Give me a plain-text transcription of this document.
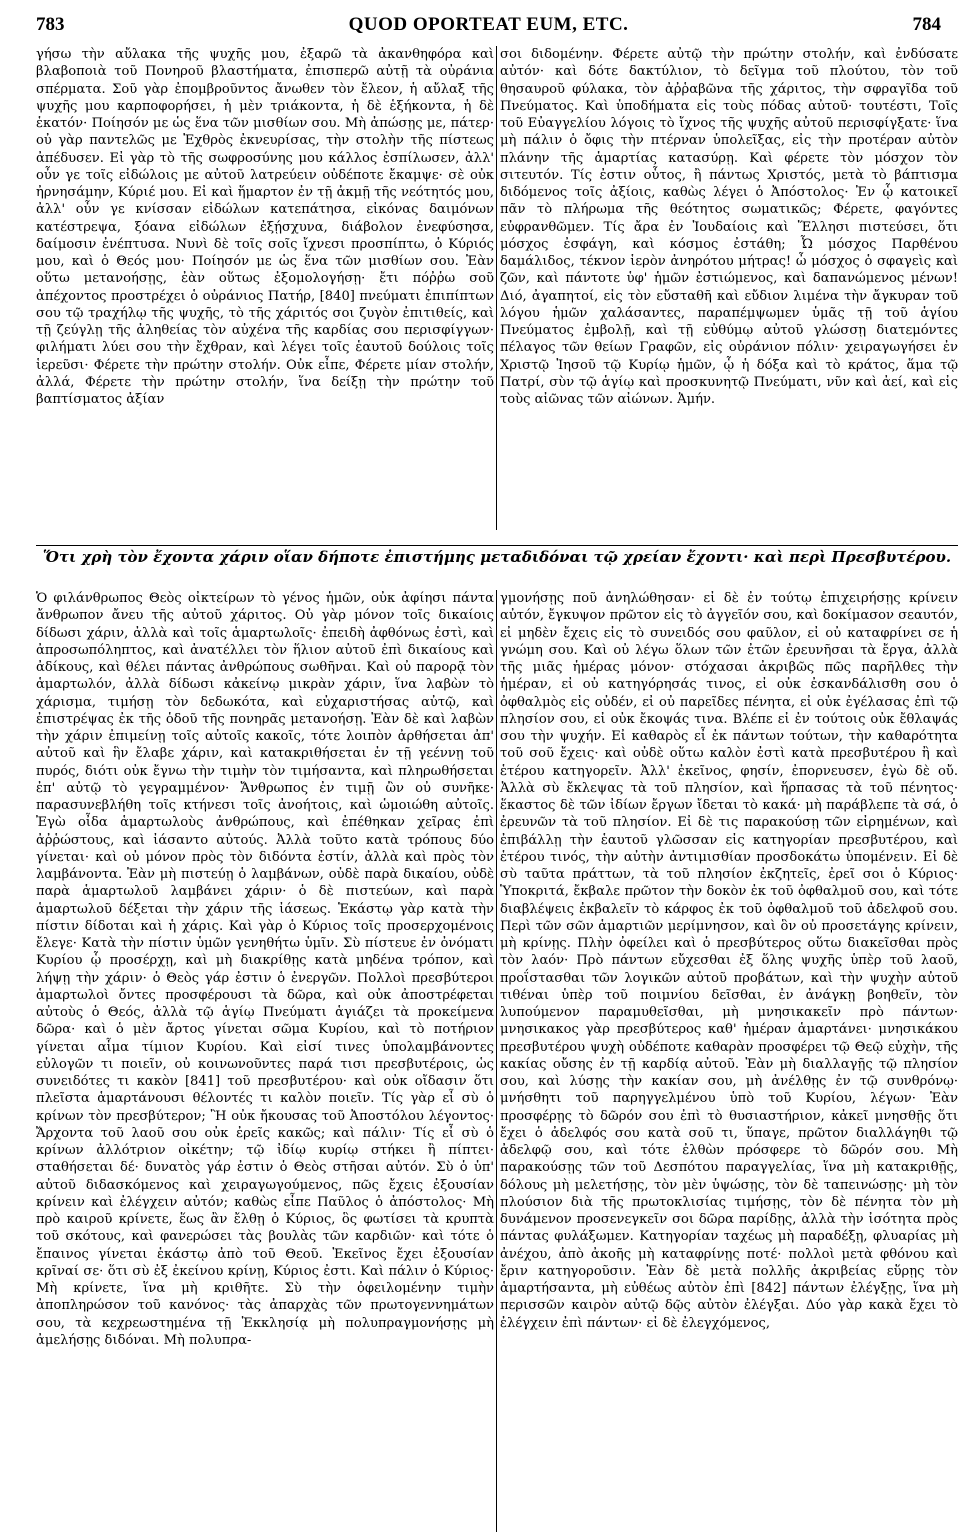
783	QUOD OPORTEAT EUM, ETC.	784

γήσω τὴν αὔλακα τῆς ψυχῆς μου, ἐξαρῶ τὰ ἀκανθηφόρα καὶ βλαβοποιὰ τοῦ Πονηροῦ βλαστήματα, ἐπισπερῶ αὐτῇ τὰ οὐράνια σπέρματα. Σοῦ γὰρ ἐπομβροῦντος ἄνωθεν τὸν ἔλεον, ἡ αὔλαξ τῆς ψυχῆς μου καρποφορήσει, ἡ μὲν τριάκοντα, ἡ δὲ ἑξήκοντα, ἡ δὲ ἑκατόν· Ποίησόν με ὡς ἕνα τῶν μισθίων σου. Μὴ ἀπώσῃς με, πάτερ· οὐ γὰρ παντελῶς με Ἐχθρὸς ἐκνευρίσας, τὴν στολὴν τῆς πίστεως ἀπέδυσεν. Εἰ γὰρ τὸ τῆς σωφροσύνης μου κάλλος ἐσπίλωσεν, ἀλλ' οὖν γε τοῖς εἰδώλοις με αὐτοῦ λατρεύειν οὐδέποτε ἔκαμψε· σὲ οὐκ ἠρνησάμην, Κύριέ μου. Εἰ καὶ ἥμαρτον ἐν τῇ ἀκμῇ τῆς νεότητός μου, ἀλλ' οὖν γε κνίσσαν εἰδώλων κατεπάτησα, εἰκόνας δαιμόνων κατέστρεψα, ξόανα εἰδώλων ἐξῄσχυνα, διάβολον ἐνεφύσησα, δαίμοσιν ἐνέπτυσα. Νυνὶ δὲ τοῖς σοῖς ἴχνεσι προσπίπτω, ὁ Κύριός μου, καὶ ὁ Θεός μου· Ποίησόν με ὡς ἕνα τῶν μισθίων σου. Ἐὰν οὕτω μετανοήσῃς, ἐὰν οὕτως ἐξομολογήσῃ· ἔτι πόῤῥω σοῦ ἀπέχοντος προστρέχει ὁ οὐράνιος Πατήρ, [840] πνεύματι ἐπιπίπτων σου τῷ τραχήλῳ τῆς ψυχῆς, τὸ τῆς χάριτός σοι ζυγὸν ἐπιτιθείς, καὶ τῇ ζεύγλῃ τῆς ἀληθείας τὸν αὐχένα τῆς καρδίας σου περισφίγγων· φιλήματι λύει σου τὴν ἔχθραν, καὶ λέγει τοῖς ἑαυτοῦ δούλοις τοῖς ἱερεῦσι· Φέρετε τὴν πρώτην στολήν. Οὐκ εἶπε, Φέρετε μίαν στολήν, ἀλλά, Φέρετε τὴν πρώτην στολήν, ἵνα δείξῃ τὴν πρώτην τοῦ βαπτίσματος ἀξίαν

σοι διδομένην. Φέρετε αὐτῷ τὴν πρώτην στολήν, καὶ ἐνδύσατε αὐτόν· καὶ δότε δακτύλιον, τὸ δεῖγμα τοῦ πλούτου, τὸν τοῦ θησαυροῦ φύλακα, τὸν ἀῤῥαβῶνα τῆς χάριτος, τὴν σφραγῖδα τοῦ Πνεύματος. Καὶ ὑποδήματα εἰς τοὺς πόδας αὐτοῦ· τουτέστι, Τοῖς τοῦ Εὐαγγελίου λόγοις τὸ ἴχνος τῆς ψυχῆς αὐτοῦ περισφίγξατε· ἵνα μὴ πάλιν ὁ ὄφις τὴν πτέρναν ὑπολεῖξας, εἰς τὴν προτέραν αὐτὸν πλάνην τῆς ἁμαρτίας κατασύρῃ. Καὶ φέρετε τὸν μόσχον τὸν σιτευτόν. Τίς ἐστιν οὗτος, ἢ πάντως Χριστός, μετὰ τὸ βάπτισμα διδόμενος τοῖς ἀξίοις, καθὼς λέγει ὁ Ἀπόστολος· Ἐν ᾧ κατοικεῖ πᾶν τὸ πλήρωμα τῆς θεότητος σωματικῶς; Φέρετε, φαγόντες εὐφρανθῶμεν. Τίς ἄρα ἐν Ἰουδαίοις καὶ Ἕλλησι πιστεύσει, ὅτι μόσχος ἐσφάγη, καὶ κόσμος ἐστάθη; Ὦ μόσχος Παρθένου δαμάλιδος, τέκνον ἱερὸν ἀνηρότου μήτρας! ὦ μόσχος ὁ σφαγεὶς καὶ ζῶν, καὶ πάντοτε ὑφ' ἡμῶν ἐστιώμενος, καὶ δαπανώμενος μένων! Διό, ἀγαπητοί, εἰς τὸν εὔσταθῆ καὶ εὔδιον λιμένα τὴν ἄγκυραν τοῦ λόγου ἡμῶν χαλάσαντες, παραπέμψωμεν ὑμᾶς τῇ τοῦ ἁγίου Πνεύματος ἐμβολῇ, καὶ τῇ εὐθύμῳ αὐτοῦ γλώσσῃ διατεμόντες πέλαγος τῶν θείων Γραφῶν, εἰς οὐράνιον πόλιν· χειραγωγήσει ἐν Χριστῷ Ἰησοῦ τῷ Κυρίῳ ἡμῶν, ᾧ ἡ δόξα καὶ τὸ κράτος, ἅμα τῷ Πατρί, σὺν τῷ ἁγίῳ καὶ προσκυνητῷ Πνεύματι, νῦν καὶ ἀεί, καὶ εἰς τοὺς αἰῶνας τῶν αἰώνων. Ἀμήν.

Ὅτι χρὴ τὸν ἔχοντα χάριν οἵαν δήποτε ἐπιστήμης μεταδιδόναι τῷ χρείαν ἔχοντι· καὶ περὶ Πρεσβυτέρου.

Ὁ φιλάνθρωπος Θεὸς οἰκτείρων τὸ γένος ἡμῶν, οὐκ ἀφίησι πάντα ἄνθρωπον ἄνευ τῆς αὐτοῦ χάριτος. Οὐ γὰρ μόνον τοῖς δικαίοις δίδωσι χάριν, ἀλλὰ καὶ τοῖς ἁμαρτωλοῖς· ἐπειδὴ ἀφθόνως ἐστὶ, καὶ ἀπροσωπόληπτος, καὶ ἀνατέλλει τὸν ἥλιον αὐτοῦ ἐπὶ δικαίους καὶ ἀδίκους, καὶ θέλει πάντας ἀνθρώπους σωθῆναι. Καὶ οὐ παρορᾷ τὸν ἁμαρτωλόν, ἀλλὰ δίδωσι κἀκείνῳ μικρὰν χάριν, ἵνα λαβὼν τὸ χάρισμα, τιμήσῃ τὸν δεδωκότα, καὶ εὐχαριστήσας αὐτῷ, καὶ ἐπιστρέψας ἐκ τῆς ὁδοῦ τῆς πονηρᾶς μετανοήσῃ. Ἐὰν δὲ καὶ λαβὼν τὴν χάριν ἐπιμείνῃ τοῖς αὐτοῖς κακοῖς, τότε λοιπὸν ἀρθήσεται ἀπ' αὐτοῦ καὶ ἣν ἔλαβε χάριν, καὶ κατακριθήσεται ἐν τῇ γεέννῃ τοῦ πυρός, διότι οὐκ ἔγνω τὴν τιμὴν τὸν τιμήσαντα, καὶ πληρωθήσεται ἐπ' αὐτῷ τὸ γεγραμμένον· Ἄνθρωπος ἐν τιμῇ ὢν οὐ συνῆκε· παρασυνεβλήθη τοῖς κτήνεσι τοῖς ἀνοήτοις, καὶ ὡμοιώθη αὐτοῖς. Ἐγὼ οἶδα ἁμαρτωλοὺς ἀνθρώπους, καὶ ἐπέθηκαν χεῖρας ἐπὶ ἀῤῥώστους, καὶ ἰάσαντο αὐτούς. Ἀλλὰ τοῦτο κατὰ τρόπους δύο γίνεται· καὶ οὐ μόνον πρὸς τὸν διδόντα ἐστίν, ἀλλὰ καὶ πρὸς τὸν λαμβάνοντα. Ἐὰν μὴ πιστεύῃ ὁ λαμβάνων, οὐδὲ παρὰ δικαίου, οὐδὲ παρὰ ἁμαρτωλοῦ λαμβάνει χάριν· ὁ δὲ πιστεύων, καὶ παρὰ ἁμαρτωλοῦ δέξεται τὴν χάριν τῆς ἰάσεως. Ἑκάστῳ γὰρ κατὰ τὴν πίστιν δίδοται καὶ ἡ χάρις. Καὶ γὰρ ὁ Κύριος τοῖς προσερχομένοις ἔλεγε· Κατὰ τὴν πίστιν ὑμῶν γενηθήτω ὑμῖν. Σὺ πίστευε ἐν ὀνόματι Κυρίου ᾧ προσέρχῃ, καὶ μὴ διακρίθῃς κατὰ μηδένα τρόπον, καὶ λήψῃ τὴν χάριν· ὁ Θεὸς γάρ ἐστιν ὁ ἐνεργῶν. Πολλοὶ πρεσβύτεροι ἁμαρτωλοὶ ὄντες προσφέρουσι τὰ δῶρα, καὶ οὐκ ἀποστρέφεται αὐτοὺς ὁ Θεός, ἀλλὰ τῷ ἁγίῳ Πνεύματι ἁγιάζει τὰ προκείμενα δῶρα· καὶ ὁ μὲν ἄρτος γίνεται σῶμα Κυρίου, καὶ τὸ ποτήριον γίνεται αἷμα τίμιον Κυρίου. Καὶ εἰσί τινες ὑπολαμβάνοντες εὐλογῶν τι ποιεῖν, οὐ κοινωνοῦντες παρά τισι πρεσβυτέροις, ὡς συνειδότες τι κακὸν [841] τοῦ πρεσβυτέρου· καὶ οὐκ οἴδασιν ὅτι πλεῖστα ἁμαρτάνουσι θέλοντές τι καλὸν ποιεῖν. Τίς γὰρ εἶ σὺ ὁ κρίνων τὸν πρεσβύτερον; Ἢ οὐκ ἤκουσας τοῦ Ἀποστόλου λέγοντος· Ἄρχοντα τοῦ λαοῦ σου οὐκ ἐρεῖς κακῶς; καὶ πάλιν· Τίς εἶ σὺ ὁ κρίνων ἀλλότριον οἰκέτην; τῷ ἰδίῳ κυρίῳ στήκει ἢ πίπτει· σταθήσεται δέ· δυνατὸς γάρ ἐστιν ὁ Θεὸς στῆσαι αὐτόν. Σὺ ὁ ὑπ' αὐτοῦ διδασκόμενος καὶ χειραγωγούμενος, πῶς ἔχεις ἐξουσίαν κρίνειν καὶ ἐλέγχειν αὐτόν; καθὼς εἶπε Παῦλος ὁ ἀπόστολος· Μὴ πρὸ καιροῦ κρίνετε, ἕως ἂν ἔλθῃ ὁ Κύριος, ὃς φωτίσει τὰ κρυπτὰ τοῦ σκότους, καὶ φανερώσει τὰς βουλὰς τῶν καρδιῶν· καὶ τότε ὁ ἔπαινος γίνεται ἑκάστῳ ἀπὸ τοῦ Θεοῦ. Ἐκεῖνος ἔχει ἐξουσίαν κρῖναί σε· ὅτι σὺ ἐξ ἐκείνου κρίνῃ, Κύριος ἐστι. Καὶ πάλιν ὁ Κύριος· Μὴ κρίνετε, ἵνα μὴ κριθῆτε. Σὺ τὴν ὀφειλομένην τιμὴν ἀποπληρώσον τοῦ κανόνος· τὰς ἀπαρχὰς τῶν πρωτογεννημάτων σου, τὰ κεχρεωστημένα τῇ Ἐκκλησίᾳ μὴ πολυπραγμονήσῃς μὴ ἀμελήσῃς διδόναι. Μὴ πολυπρα-

γμονήσῃς ποῦ ἀνηλώθησαν· εἰ δὲ ἐν τούτῳ ἐπιχειρήσῃς κρίνειν αὐτόν, ἔγκυψον πρῶτον εἰς τὸ ἀγγεῖόν σου, καὶ δοκίμασον σεαυτόν, εἰ μηδὲν ἔχεις εἰς τὸ συνειδός σου φαῦλον, εἰ οὐ καταφρίνει σε ἡ γνώμη σου. Καὶ οὐ λέγω ὅλων τῶν ἐτῶν ἐρευνῆσαι τὰ ἔργα, ἀλλὰ τῆς μιᾶς ἡμέρας μόνον· στόχασαι ἀκριβῶς πῶς παρῆλθες τὴν ἡμέραν, εἰ οὐ κατηγόρησάς τινος, εἰ οὐκ ἐσκανδάλισθη σου ὁ ὀφθαλμὸς εἰς οὐδέν, εἰ οὐ παρεῖδες πένητα, εἰ οὐκ ἐγέλασας ἐπὶ τῷ πλησίον σου, εἰ οὐκ ἔκοψάς τινα. Βλέπε εἰ ἐν τούτοις οὐκ ἔθλαψάς σου τὴν ψυχήν. Εἰ καθαρὸς εἶ ἐκ πάντων τούτων, τὴν καθαρότητα τοῦ σοῦ ἔχεις· καὶ οὐδὲ οὕτω καλὸν ἐστὶ κατὰ πρεσβυτέρου ἢ καὶ ἑτέρου κατηγορεῖν. Ἀλλ' ἐκεῖνος, φησίν, ἐπορνευσεν, ἐγὼ δὲ οὔ. Ἀλλὰ σὺ ἔκλεψας τὰ τοῦ πλησίον, καὶ ἥρπασας τὰ τοῦ πένητος· ἕκαστος δὲ τῶν ἰδίων ἔργων ἴδεται τὸ κακά· μὴ παράβλεπε τὰ σά, ὁ ἐρευνῶν τὰ τοῦ πλησίον. Εἰ δὲ τις παρακούσῃ τῶν εἰρημένων, καὶ ἐπιβάλλῃ τὴν ἑαυτοῦ γλῶσσαν εἰς κατηγορίαν πρεσβυτέρου, καὶ ἑτέρου τινός, τὴν αὐτὴν ἀντιμισθίαν προσδοκάτω ὑπομένειν. Εἰ δὲ σὺ ταῦτα πράττων, τὰ τοῦ πλησίον ἐκζητεῖς, ἐρεῖ σοι ὁ Κύριος· Ὑποκριτά, ἔκβαλε πρῶτον τὴν δοκὸν ἐκ τοῦ ὀφθαλμοῦ σου, καὶ τότε διαβλέψεις ἐκβαλεῖν τὸ κάρφος ἐκ τοῦ ὀφθαλμοῦ τοῦ ἀδελφοῦ σου. Περὶ τῶν σῶν ἁμαρτιῶν μερίμνησον, καὶ ὃν οὐ προσετάγης κρίνειν, μὴ κρίνῃς. Πλὴν ὀφείλει καὶ ὁ πρεσβύτερος οὕτω διακεῖσθαι πρὸς τὸν λαόν· Πρὸ πάντων εὔχεσθαι ἐξ ὅλης ψυχῆς ὑπὲρ τοῦ λαοῦ, προΐστασθαι τῶν λογικῶν αὐτοῦ προβάτων, καὶ τὴν ψυχὴν αὐτοῦ τιθέναι ὑπὲρ τοῦ ποιμνίου δεῖσθαι, ἐν ἀνάγκῃ βοηθεῖν, τὸν λυπούμενον παραμυθεῖσθαι, μὴ μνησικακεῖν πρὸ πάντων· μνησικακος γὰρ πρεσβύτερος καθ' ἡμέραν ἁμαρτάνει· μνησικάκου πρεσβυτέρου ψυχὴ οὐδέποτε καθαρὰν προσφέρει τῷ Θεῷ εὐχὴν, τῆς κακίας οὔσης ἐν τῇ καρδίᾳ αὐτοῦ. Ἐὰν μὴ διαλλαγῇς τῷ πλησίον σου, καὶ λύσῃς τὴν κακίαν σου, μὴ ἀνέλθῃς ἐν τῷ συνθρόνῳ· μνήσθητι τοῦ παρηγγελμένου ὑπὸ τοῦ Κυρίου, λέγων· Ἐὰν προσφέρῃς τὸ δῶρόν σου ἐπὶ τὸ θυσιαστήριον, κἀκεῖ μνησθῇς ὅτι ἔχει ὁ ἀδελφός σου κατὰ σοῦ τι, ὕπαγε, πρῶτον διαλλάγηθι τῷ ἀδελφῷ σου, καὶ τότε ἐλθὼν πρόσφερε τὸ δῶρόν σου. Μὴ παρακούσῃς τῶν τοῦ Δεσπότου παραγγελίας, ἵνα μὴ κατακριθῇς, δόλους μὴ μελετήσῃς, τὸν μὲν ὑψώσῃς, τὸν δὲ ταπεινώσῃς· μὴ τὸν πλούσιον διὰ τῆς πρωτοκλισίας τιμήσῃς, τὸν δὲ πένητα τὸν μὴ δυνάμενον προσενεγκεῖν σοι δῶρα παρίδῃς, ἀλλὰ τὴν ἰσότητα πρὸς πάντας φυλάξωμεν. Κατηγορίαν ταχέως μὴ παραδέξῃ, φλυαρίας μὴ ἀνέχου, ἀπὸ ἀκοῆς μὴ καταφρίνῃς ποτέ· πολλοὶ μετὰ φθόνου καὶ ἔριν κατηγοροῦσιν. Ἐὰν δὲ μετὰ πολλῆς ἀκριβείας εὕρῃς τὸν ἁμαρτήσαντα, μὴ εὐθέως αὐτὸν ἐπὶ [842] πάντων ἐλέγξῃς, ἵνα μὴ περισσῶν καιρὸν αὐτῷ δῷς αὐτὸν ἐλέγξαι. Δύο γὰρ κακὰ ἔχει τὸ ἐλέγχειν ἐπὶ πάντων· εἰ δὲ ἐλεγχόμενος,
